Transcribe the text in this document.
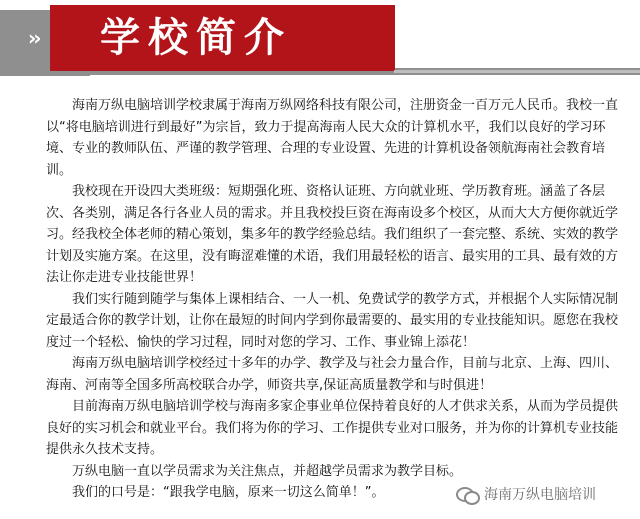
›› 学校简介

海南万纵电脑培训学校隶属于海南万纵网络科技有限公司，注册资金一百万元人民币。我校一直以“将电脑培训进行到最好”为宗旨，致力于提高海南人民大众的计算机水平，我们以良好的学习环境、专业的教师队伍、严谨的教学管理、合理的专业设置、先进的计算机设备领航海南社会教育培训。

我校现在开设四大类班级：短期强化班、资格认证班、方向就业班、学历教育班。涵盖了各层次、各类别，满足各行各业人员的需求。并且我校投巨资在海南设多个校区，从而大大方便你就近学习。经我校全体老师的精心策划，集多年的教学经验总结。我们组织了一套完整、系统、实效的教学计划及实施方案。在这里，没有晦涩难懂的术语，我们用最轻松的语言、最实用的工具、最有效的方法让你走进专业技能世界！

我们实行随到随学与集体上课相结合、一人一机、免费试学的教学方式，并根据个人实际情况制定最适合你的教学计划，让你在最短的时间内学到你最需要的、最实用的专业技能知识。愿您在我校度过一个轻松、愉快的学习过程，同时对您的学习、工作、事业锦上添花！

海南万纵电脑培训学校经过十多年的办学、教学及与社会力量合作，目前与北京、上海、四川、海南、河南等全国多所高校联合办学，师资共享,保证高质量教学和与时俱进！

目前海南万纵电脑培训学校与海南多家企事业单位保持着良好的人才供求关系，从而为学员提供良好的实习机会和就业平台。我们将为你的学习、工作提供专业对口服务，并为你的计算机专业技能提供永久技术支持。

万纵电脑一直以学员需求为关注焦点，并超越学员需求为教学目标。

我们的口号是：“跟我学电脑，原来一切这么简单！”。	海南万纵电脑培训
